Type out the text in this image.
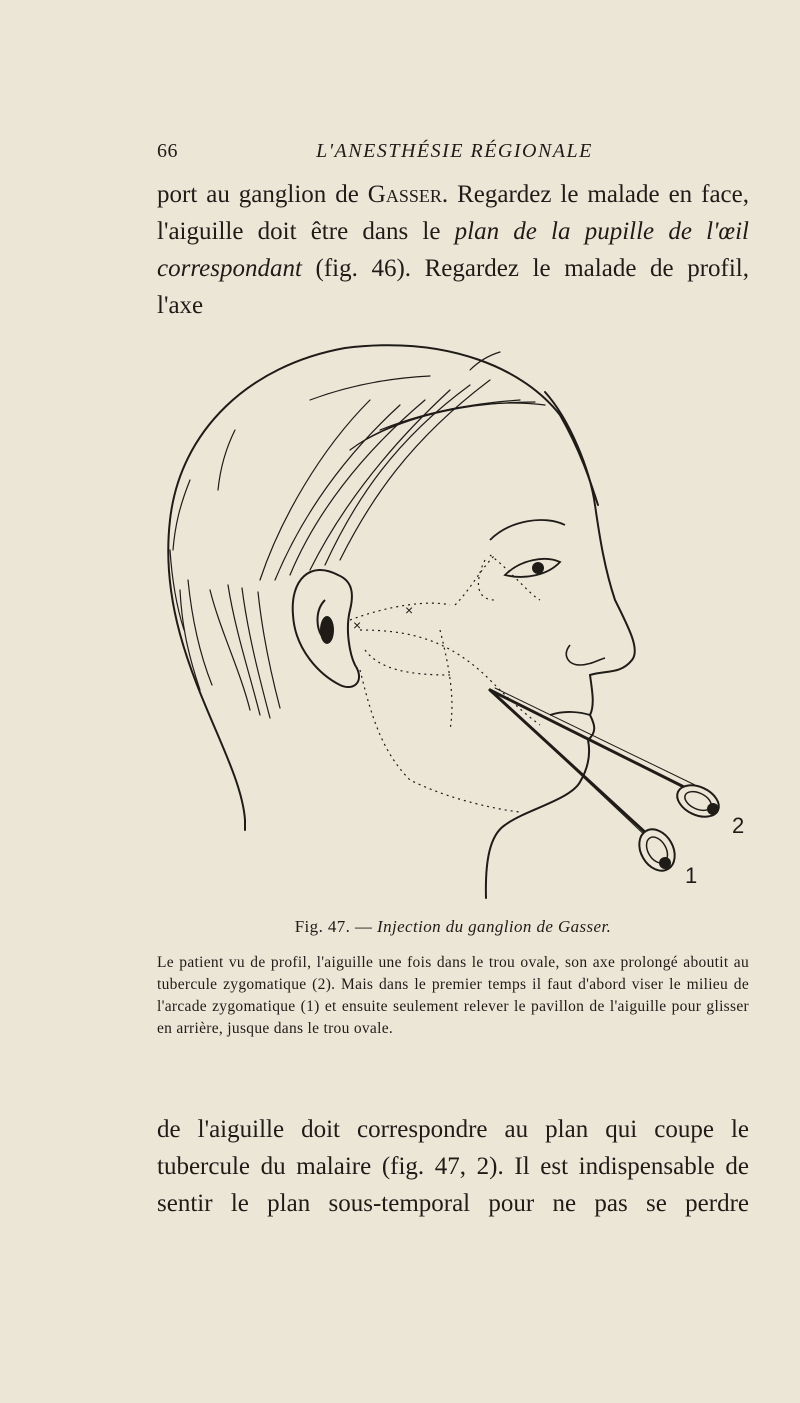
66	L'ANESTHÉSIE RÉGIONALE
port au ganglion de Gasser. Regardez le malade en face, l'aiguille doit être dans le plan de la pupille de l'œil correspondant (fig. 46). Regardez le malade de profil, l'axe
×
×
2
1
Fig. 47. — Injection du ganglion de Gasser.
Le patient vu de profil, l'aiguille une fois dans le trou ovale, son axe prolongé aboutit au tubercule zygomatique (2). Mais dans le premier temps il faut d'abord viser le milieu de l'arcade zygomatique (1) et ensuite seulement relever le pavillon de l'aiguille pour glisser en arrière, jusque dans le trou ovale.
de l'aiguille doit correspondre au plan qui coupe le tubercule du malaire (fig. 47, 2). Il est indispensable de sentir le plan sous-temporal pour ne pas se perdre
